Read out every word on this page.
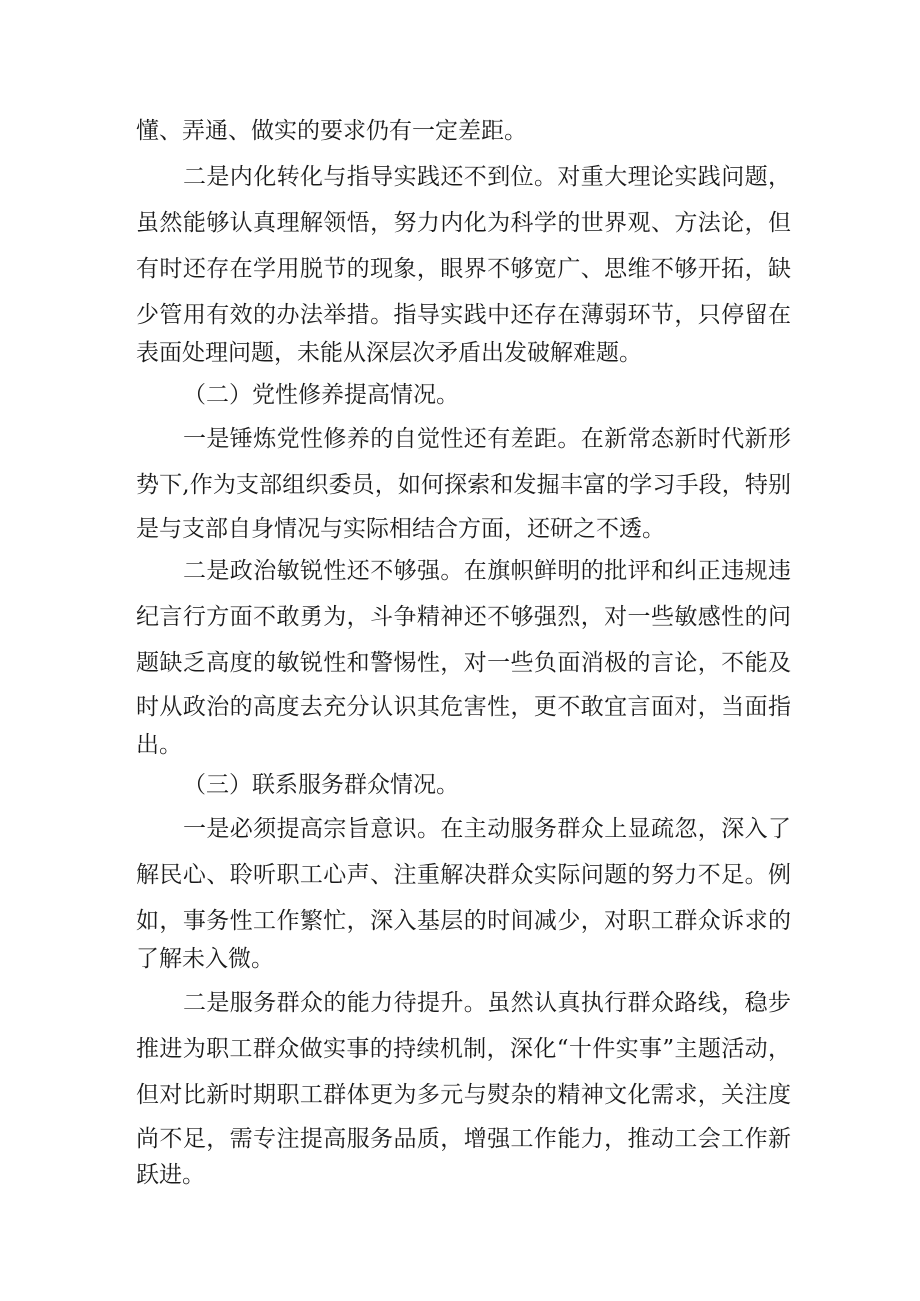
懂、弄通、做实的要求仍有一定差距。
二是内化转化与指导实践还不到位。对重大理论实践问题，
虽然能够认真理解领悟，努力内化为科学的世界观、方法论，但
有时还存在学用脱节的现象，眼界不够宽广、思维不够开拓，缺
少管用有效的办法举措。指导实践中还存在薄弱环节，只停留在
表面处理问题，未能从深层次矛盾出发破解难题。
（二）党性修养提高情况。
一是锤炼党性修养的自觉性还有差距。在新常态新时代新形
势下,作为支部组织委员，如何探索和发掘丰富的学习手段，特别
是与支部自身情况与实际相结合方面，还研之不透。
二是政治敏锐性还不够强。在旗帜鲜明的批评和纠正违规违
纪言行方面不敢勇为，斗争精神还不够强烈，对一些敏感性的问
题缺乏高度的敏锐性和警惕性，对一些负面消极的言论，不能及
时从政治的高度去充分认识其危害性，更不敢宜言面对，当面指
出。
（三）联系服务群众情况。
一是必须提高宗旨意识。在主动服务群众上显疏忽，深入了
解民心、聆听职工心声、注重解决群众实际问题的努力不足。例
如，事务性工作繁忙，深入基层的时间减少，对职工群众诉求的
了解未入微。
二是服务群众的能力待提升。虽然认真执行群众路线，稳步
推进为职工群众做实事的持续机制，深化“十件实事”主题活动，
但对比新时期职工群体更为多元与熨杂的精神文化需求，关注度
尚不足，需专注提高服务品质，增强工作能力，推动工会工作新
跃进。
